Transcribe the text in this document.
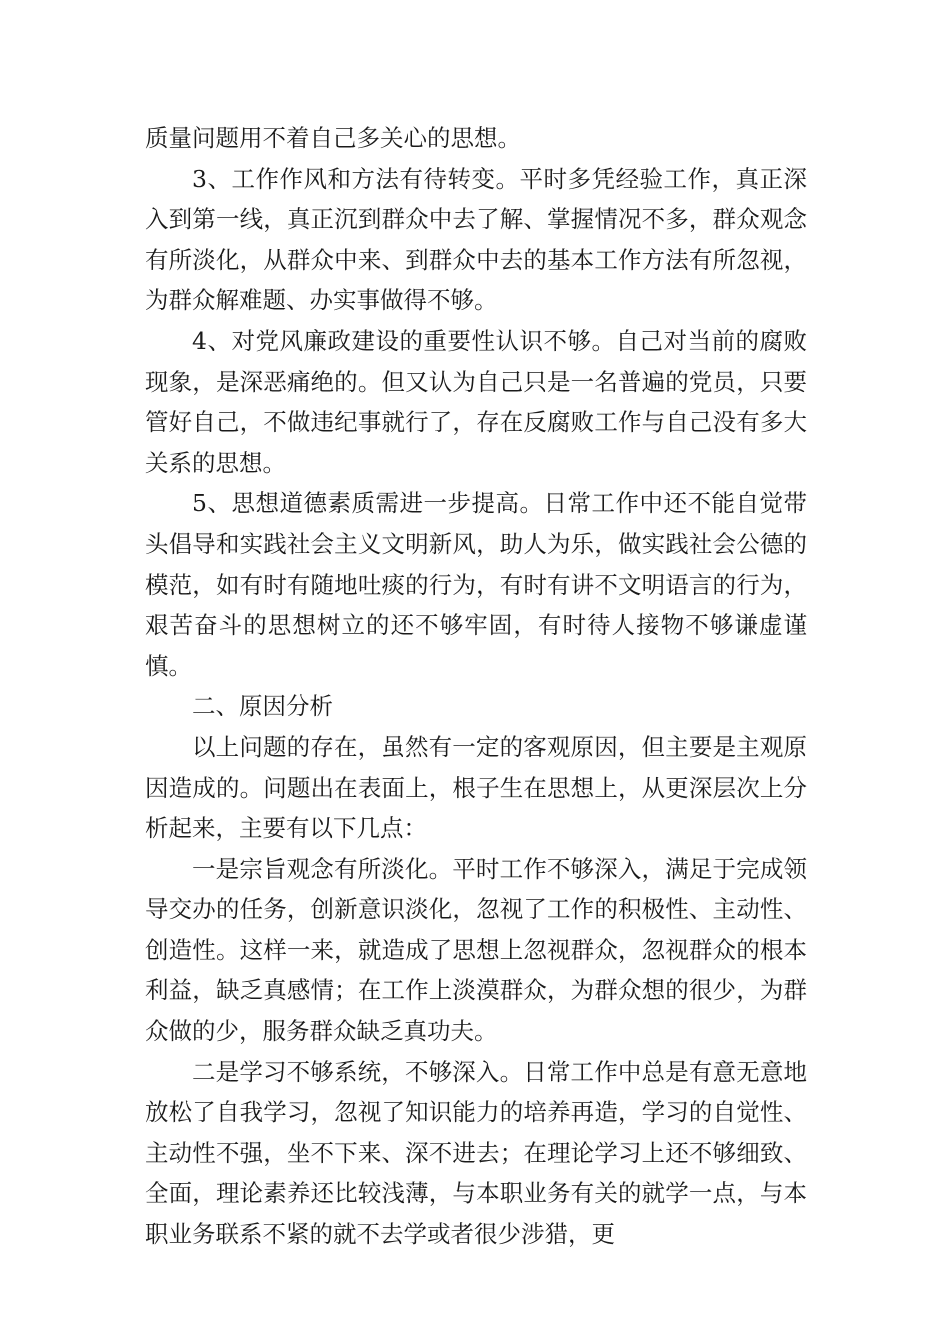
质量问题用不着自己多关心的思想。

3、工作作风和方法有待转变。平时多凭经验工作，真正深入到第一线，真正沉到群众中去了解、掌握情况不多，群众观念有所淡化，从群众中来、到群众中去的基本工作方法有所忽视，为群众解难题、办实事做得不够。

4、对党风廉政建设的重要性认识不够。自己对当前的腐败现象，是深恶痛绝的。但又认为自己只是一名普遍的党员，只要管好自己，不做违纪事就行了，存在反腐败工作与自己没有多大关系的思想。

5、思想道德素质需进一步提高。日常工作中还不能自觉带头倡导和实践社会主义文明新风，助人为乐，做实践社会公德的模范，如有时有随地吐痰的行为，有时有讲不文明语言的行为，艰苦奋斗的思想树立的还不够牢固，有时待人接物不够谦虚谨慎。

二、原因分析

以上问题的存在，虽然有一定的客观原因，但主要是主观原因造成的。问题出在表面上，根子生在思想上，从更深层次上分析起来，主要有以下几点：

一是宗旨观念有所淡化。平时工作不够深入，满足于完成领导交办的任务，创新意识淡化，忽视了工作的积极性、主动性、创造性。这样一来，就造成了思想上忽视群众，忽视群众的根本利益，缺乏真感情；在工作上淡漠群众，为群众想的很少，为群众做的少，服务群众缺乏真功夫。

二是学习不够系统，不够深入。日常工作中总是有意无意地放松了自我学习，忽视了知识能力的培养再造，学习的自觉性、主动性不强，坐不下来、深不进去；在理论学习上还不够细致、全面，理论素养还比较浅薄，与本职业务有关的就学一点，与本职业务联系不紧的就不去学或者很少涉猎，更
